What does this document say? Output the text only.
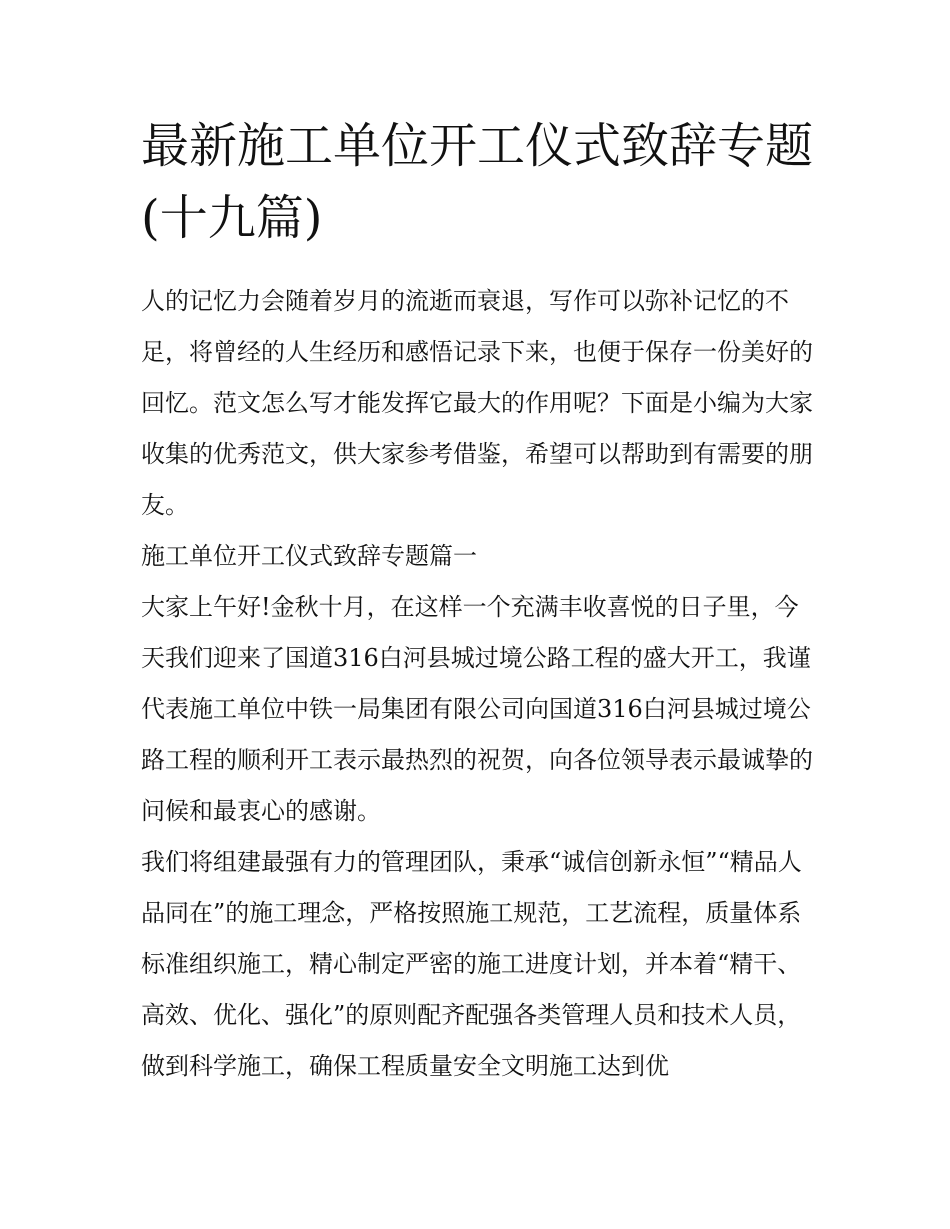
最新施工单位开工仪式致辞专题(十九篇)

人的记忆力会随着岁月的流逝而衰退，写作可以弥补记忆的不足，将曾经的人生经历和感悟记录下来，也便于保存一份美好的回忆。范文怎么写才能发挥它最大的作用呢？下面是小编为大家收集的优秀范文，供大家参考借鉴，希望可以帮助到有需要的朋友。

施工单位开工仪式致辞专题篇一

大家上午好!金秋十月，在这样一个充满丰收喜悦的日子里，今天我们迎来了国道316白河县城过境公路工程的盛大开工，我谨代表施工单位中铁一局集团有限公司向国道316白河县城过境公路工程的顺利开工表示最热烈的祝贺，向各位领导表示最诚挚的问候和最衷心的感谢。

我们将组建最强有力的管理团队，秉承“诚信创新永恒”“精品人品同在”的施工理念，严格按照施工规范，工艺流程，质量体系标准组织施工，精心制定严密的施工进度计划，并本着“精干、高效、优化、强化”的原则配齐配强各类管理人员和技术人员，做到科学施工，确保工程质量安全文明施工达到优
